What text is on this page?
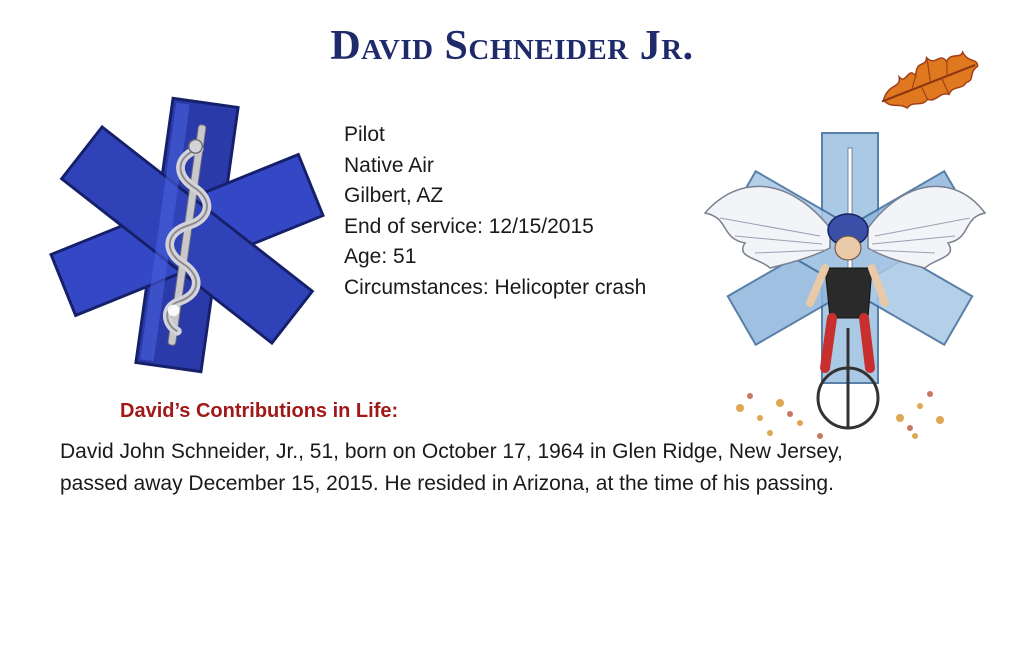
David Schneider Jr.
Pilot
Native Air
Gilbert, AZ
End of service: 12/15/2015
Age: 51
Circumstances: Helicopter crash
David’s Contributions in Life:
David John Schneider, Jr., 51, born on October 17, 1964 in Glen Ridge, New Jersey,
passed away December 15, 2015. He resided in Arizona, at the time of his passing.
